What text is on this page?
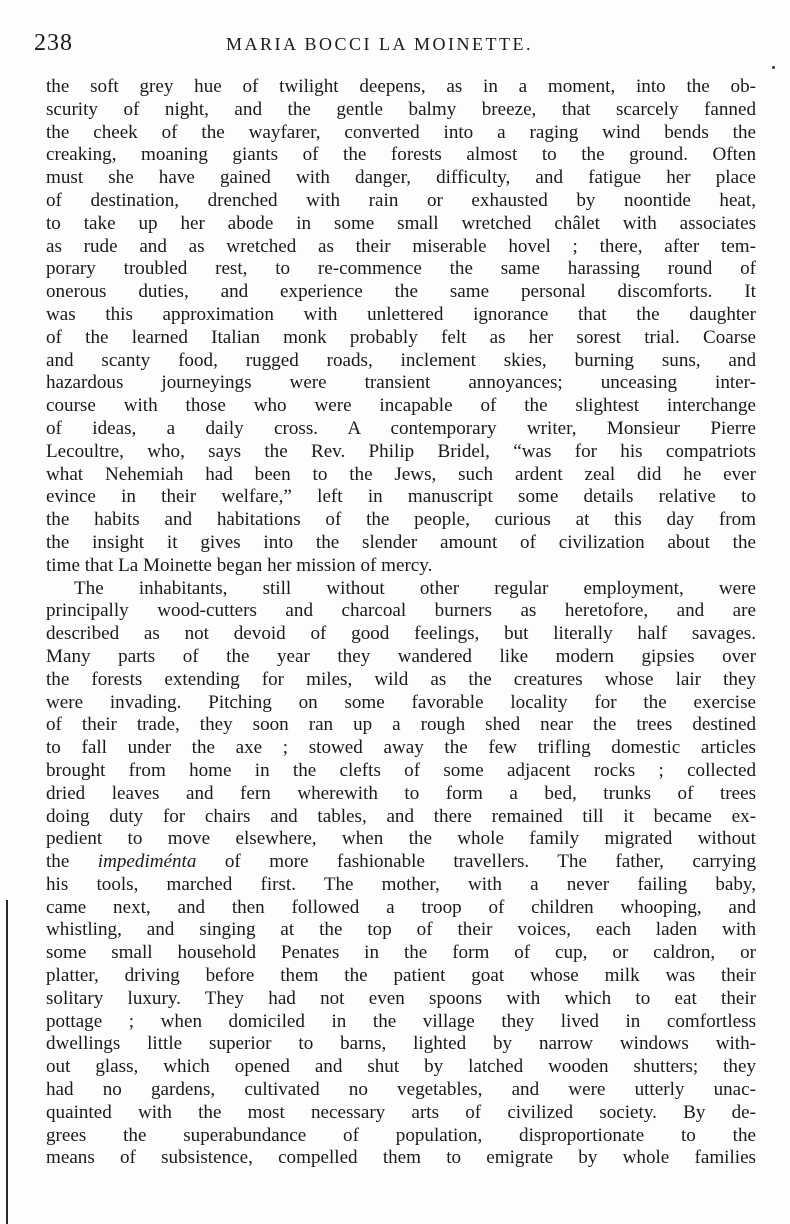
238	MARIA BOCCI LA MOINETTE.
the soft grey hue of twilight deepens, as in a moment, into the ob-
scurity of night, and the gentle balmy breeze, that scarcely fanned
the cheek of the wayfarer, converted into a raging wind bends the
creaking, moaning giants of the forests almost to the ground. Often
must she have gained with danger, difficulty, and fatigue her place
of destination, drenched with rain or exhausted by noontide heat,
to take up her abode in some small wretched châlet with associates
as rude and as wretched as their miserable hovel ; there, after tem-
porary troubled rest, to re-commence the same harassing round of
onerous duties, and experience the same personal discomforts. It
was this approximation with unlettered ignorance that the daughter
of the learned Italian monk probably felt as her sorest trial. Coarse
and scanty food, rugged roads, inclement skies, burning suns, and
hazardous journeyings were transient annoyances; unceasing inter-
course with those who were incapable of the slightest interchange
of ideas, a daily cross. A contemporary writer, Monsieur Pierre
Lecoultre, who, says the Rev. Philip Bridel, “was for his compatriots
what Nehemiah had been to the Jews, such ardent zeal did he ever
evince in their welfare,” left in manuscript some details relative to
the habits and habitations of the people, curious at this day from
the insight it gives into the slender amount of civilization about the
time that La Moinette began her mission of mercy.
The inhabitants, still without other regular employment, were
principally wood-cutters and charcoal burners as heretofore, and are
described as not devoid of good feelings, but literally half savages.
Many parts of the year they wandered like modern gipsies over
the forests extending for miles, wild as the creatures whose lair they
were invading. Pitching on some favorable locality for the exercise
of their trade, they soon ran up a rough shed near the trees destined
to fall under the axe ; stowed away the few trifling domestic articles
brought from home in the clefts of some adjacent rocks ; collected
dried leaves and fern wherewith to form a bed, trunks of trees
doing duty for chairs and tables, and there remained till it became ex-
pedient to move elsewhere, when the whole family migrated without
the impediménta of more fashionable travellers. The father, carrying
his tools, marched first. The mother, with a never failing baby,
came next, and then followed a troop of children whooping, and
whistling, and singing at the top of their voices, each laden with
some small household Penates in the form of cup, or caldron, or
platter, driving before them the patient goat whose milk was their
solitary luxury. They had not even spoons with which to eat their
pottage ; when domiciled in the village they lived in comfortless
dwellings little superior to barns, lighted by narrow windows with-
out glass, which opened and shut by latched wooden shutters; they
had no gardens, cultivated no vegetables, and were utterly unac-
quainted with the most necessary arts of civilized society. By de-
grees the superabundance of population, disproportionate to the
means of subsistence, compelled them to emigrate by whole families
